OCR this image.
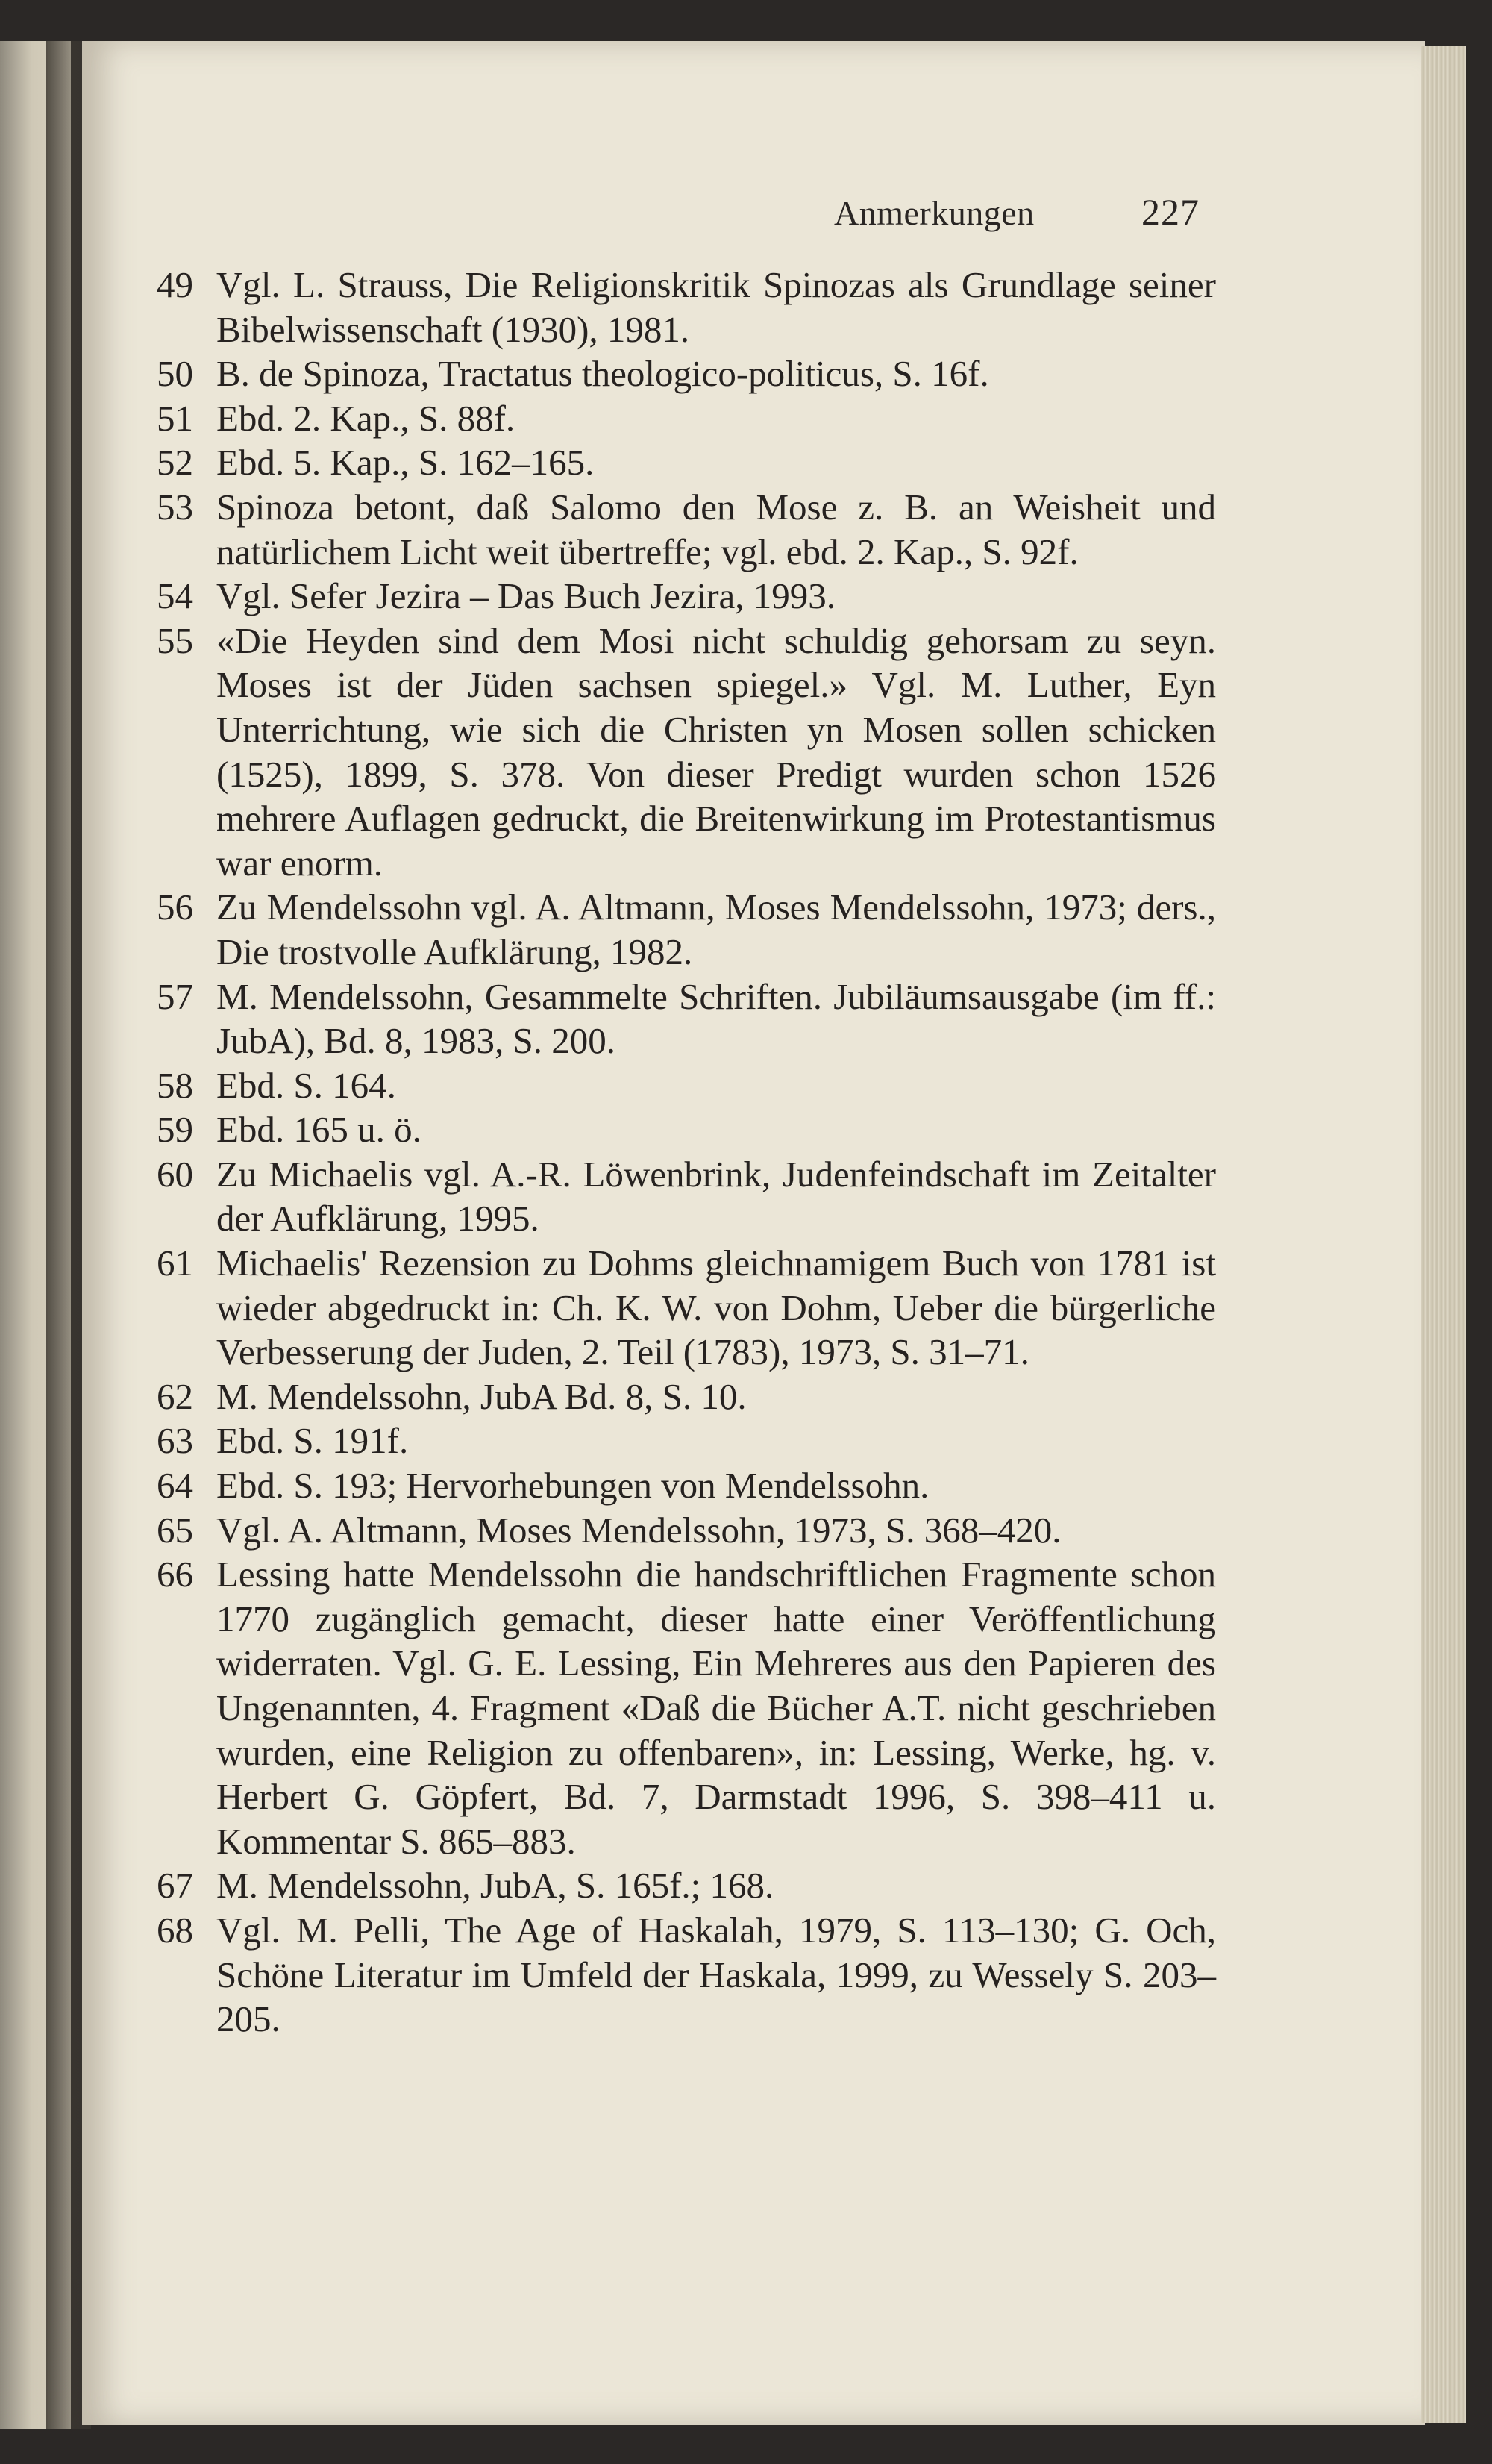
Anmerkungen	227
49 Vgl. L. Strauss, Die Religionskritik Spinozas als Grundlage seiner Bibelwissenschaft (1930), 1981.
50 B. de Spinoza, Tractatus theologico-politicus, S. 16f.
51 Ebd. 2. Kap., S. 88f.
52 Ebd. 5. Kap., S. 162–165.
53 Spinoza betont, daß Salomo den Mose z. B. an Weisheit und natürlichem Licht weit übertreffe; vgl. ebd. 2. Kap., S. 92f.
54 Vgl. Sefer Jezira – Das Buch Jezira, 1993.
55 «Die Heyden sind dem Mosi nicht schuldig gehorsam zu seyn. Moses ist der Jüden sachsen spiegel.» Vgl. M. Luther, Eyn Unterrichtung, wie sich die Christen yn Mosen sollen schicken (1525), 1899, S. 378. Von dieser Predigt wurden schon 1526 mehrere Auflagen gedruckt, die Breitenwirkung im Protestantismus war enorm.
56 Zu Mendelssohn vgl. A. Altmann, Moses Mendelssohn, 1973; ders., Die trostvolle Aufklärung, 1982.
57 M. Mendelssohn, Gesammelte Schriften. Jubiläumsausgabe (im ff.: JubA), Bd. 8, 1983, S. 200.
58 Ebd. S. 164.
59 Ebd. 165 u. ö.
60 Zu Michaelis vgl. A.-R. Löwenbrink, Judenfeindschaft im Zeitalter der Aufklärung, 1995.
61 Michaelis' Rezension zu Dohms gleichnamigem Buch von 1781 ist wieder abgedruckt in: Ch. K. W. von Dohm, Ueber die bürgerliche Verbesserung der Juden, 2. Teil (1783), 1973, S. 31–71.
62 M. Mendelssohn, JubA Bd. 8, S. 10.
63 Ebd. S. 191f.
64 Ebd. S. 193; Hervorhebungen von Mendelssohn.
65 Vgl. A. Altmann, Moses Mendelssohn, 1973, S. 368–420.
66 Lessing hatte Mendelssohn die handschriftlichen Fragmente schon 1770 zugänglich gemacht, dieser hatte einer Veröffentlichung widerraten. Vgl. G. E. Lessing, Ein Mehreres aus den Papieren des Ungenannten, 4. Fragment «Daß die Bücher A.T. nicht geschrieben wurden, eine Religion zu offenbaren», in: Lessing, Werke, hg. v. Herbert G. Göpfert, Bd. 7, Darmstadt 1996, S. 398–411 u. Kommentar S. 865–883.
67 M. Mendelssohn, JubA, S. 165f.; 168.
68 Vgl. M. Pelli, The Age of Haskalah, 1979, S. 113–130; G. Och, Schöne Literatur im Umfeld der Haskala, 1999, zu Wessely S. 203–205.
